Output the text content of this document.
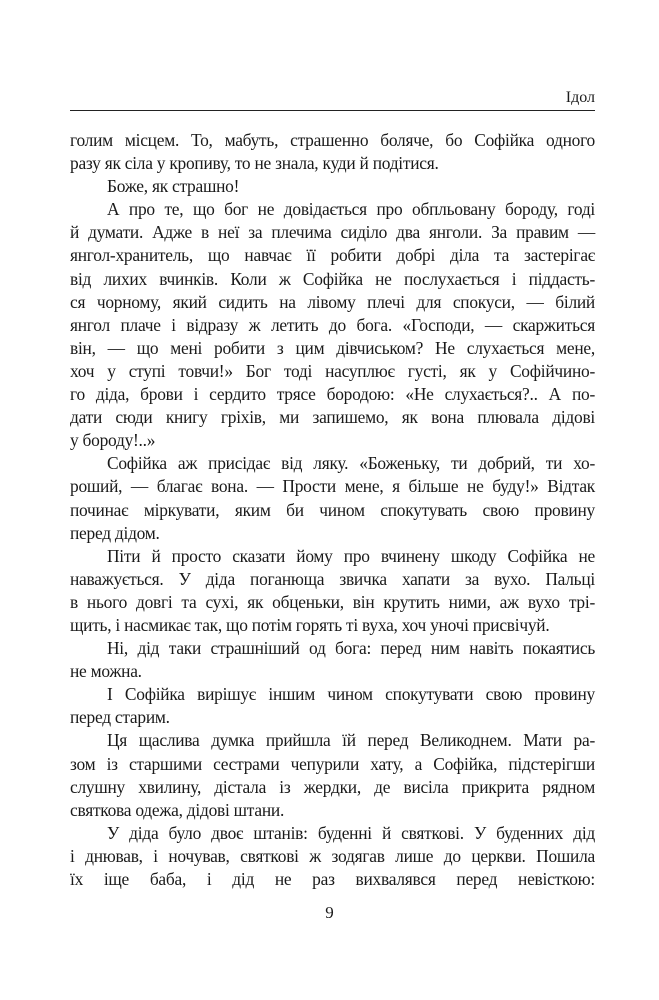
Ідол
голим місцем. То, мабуть, страшенно боляче, бо Софійка одного
разу як сіла у кропиву, то не знала, куди й подітися.
Боже, як страшно!
А про те, що бог не довідається про обпльовану бороду, годі
й думати. Адже в неї за плечима сиділо два янголи. За правим —
янгол-хранитель, що навчає її робити добрі діла та застерігає
від лихих вчинків. Коли ж Софійка не послухається і піддасть-
ся чорному, який сидить на лівому плечі для спокуси, — білий
янгол плаче і відразу ж летить до бога. «Господи, — скаржиться
він, — що мені робити з цим дівчиськом? Не слухається мене,
хоч у ступі товчи!» Бог тоді насуплює густі, як у Софійчино-
го діда, брови і сердито трясе бородою: «Не слухається?.. А по-
дати сюди книгу гріхів, ми запишемо, як вона плювала дідові
у бороду!..»
Софійка аж присідає від ляку. «Боженьку, ти добрий, ти хо-
роший, — благає вона. — Прости мене, я більше не буду!» Відтак
починає міркувати, яким би чином спокутувать свою провину
перед дідом.
Піти й просто сказати йому про вчинену шкоду Софійка не
наважується. У діда поганюща звичка хапати за вухо. Пальці
в нього довгі та сухі, як обценьки, він крутить ними, аж вухо трі-
щить, і насмикає так, що потім горять ті вуха, хоч уночі присвічуй.
Ні, дід таки страшніший од бога: перед ним навіть покаятись
не можна.
І Софійка вирішує іншим чином спокутувати свою провину
перед старим.
Ця щаслива думка прийшла їй перед Великоднем. Мати ра-
зом із старшими сестрами чепурили хату, а Софійка, підстерігши
слушну хвилину, дістала із жердки, де висіла прикрита рядном
святкова одежа, дідові штани.
У діда було двоє штанів: буденні й святкові. У буденних дід
і днював, і ночував, святкові ж зодягав лише до церкви. Пошила
їх іще баба, і дід не раз вихвалявся перед невісткою:
9
